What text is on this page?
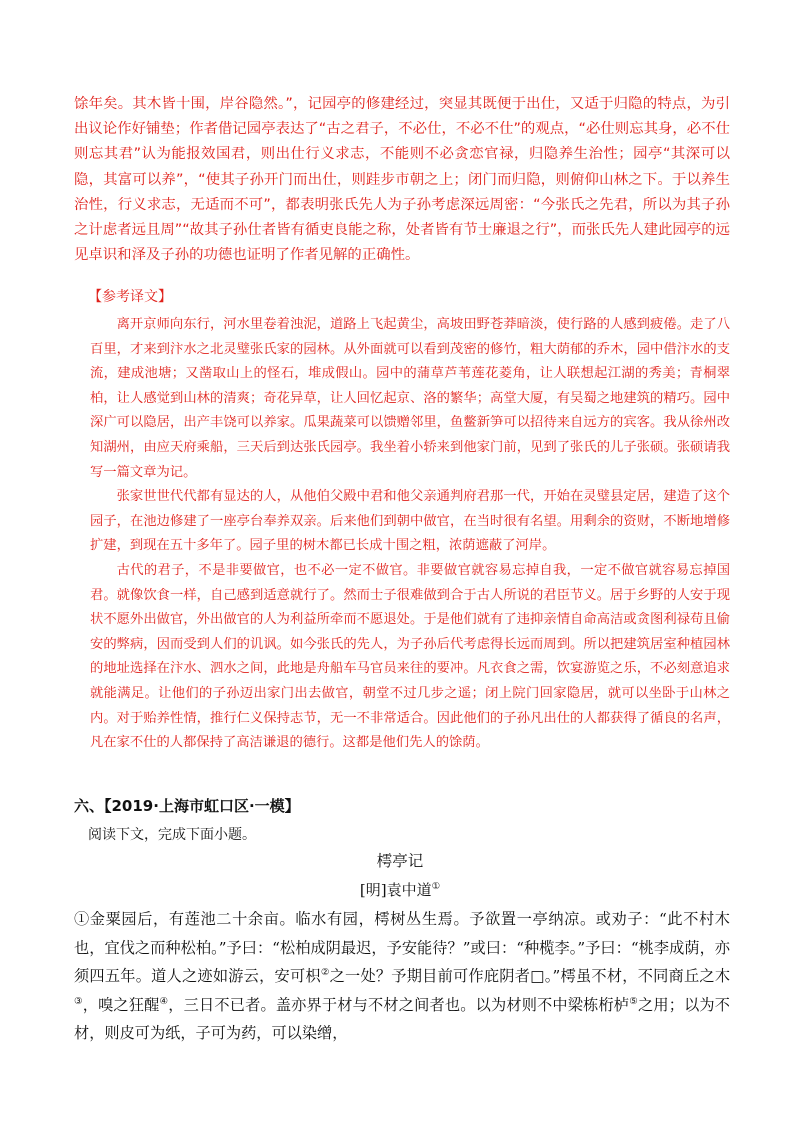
馀年矣。其木皆十围，岸谷隐然。”，记园亭的修建经过，突显其既便于出仕，又适于归隐的特点，为引出议论作好铺垫；作者借记园亭表达了“古之君子，不必仕，不必不仕”的观点，“必仕则忘其身，必不仕则忘其君”认为能报效国君，则出仕行义求志，不能则不必贪恋官禄，归隐养生治性；园亭“其深可以隐，其富可以养”，“使其子孙开门而出仕，则跬步市朝之上；闭门而归隐，则俯仰山林之下。于以养生治性，行义求志，无适而不可”，都表明张氏先人为子孙考虑深远周密：“今张氏之先君，所以为其子孙之计虑者远且周”“故其子孙仕者皆有循吏良能之称，处者皆有节士廉退之行”，而张氏先人建此园亭的远见卓识和泽及子孙的功德也证明了作者见解的正确性。

【参考译文】

离开京师向东行，河水里卷着浊泥，道路上飞起黄尘，高坡田野苍莽暗淡，使行路的人感到疲倦。走了八百里，才来到汴水之北灵璧张氏家的园林。从外面就可以看到茂密的修竹，粗大荫郁的乔木，园中借汴水的支流，建成池塘；又凿取山上的怪石，堆成假山。园中的蒲草芦苇莲花菱角，让人联想起江湖的秀美；青桐翠柏，让人感觉到山林的清爽；奇花异草，让人回忆起京、洛的繁华；高堂大厦，有吴蜀之地建筑的精巧。园中深广可以隐居，出产丰饶可以养家。瓜果蔬菜可以馈赠邻里，鱼鳖新笋可以招待来自远方的宾客。我从徐州改知湖州，由应天府乘船，三天后到达张氏园亭。我坐着小轿来到他家门前，见到了张氏的儿子张硕。张硕请我写一篇文章为记。

张家世世代代都有显达的人，从他伯父殿中君和他父亲通判府君那一代，开始在灵璧县定居，建造了这个园子，在池边修建了一座亭台奉养双亲。后来他们到朝中做官，在当时很有名望。用剩余的资财，不断地增修扩建，到现在五十多年了。园子里的树木都已长成十围之粗，浓荫遮蔽了河岸。

古代的君子，不是非要做官，也不必一定不做官。非要做官就容易忘掉自我，一定不做官就容易忘掉国君。就像饮食一样，自己感到适意就行了。然而士子很难做到合于古人所说的君臣节义。居于乡野的人安于现状不愿外出做官，外出做官的人为利益所牵而不愿退处。于是他们就有了违抑亲情自命高洁或贪图利禄苟且偷安的弊病，因而受到人们的讥讽。如今张氏的先人，为子孙后代考虑得长远而周到。所以把建筑居室种植园林的地址选择在汴水、泗水之间，此地是舟船车马官员来往的要冲。凡衣食之需，饮宴游览之乐，不必刻意追求就能满足。让他们的子孙迈出家门出去做官，朝堂不过几步之遥；闭上院门回家隐居，就可以坐卧于山林之内。对于贻养性情，推行仁义保持志节，无一不非常适合。因此他们的子孙凡出仕的人都获得了循良的名声，凡在家不仕的人都保持了高洁谦退的德行。这都是他们先人的馀荫。

六、【2019·上海市虹口区·一模】
阅读下文，完成下面小题。
樗亭记
[明]袁中道①

①金粟园后，有莲池二十余亩。临水有园，樗树丛生焉。予欲置一亭纳凉。或劝子：“此不村木也，宜伐之而种松柏。”予曰：“松柏成阴最迟，予安能待？”或曰：“种榄李。”予曰：“桃李成荫，亦须四五年。道人之迹如游云，安可枳②之一处？予期目前可作庇阴者□。”樗虽不材，不同商丘之木③，嗅之狂醒④，三日不已者。盖亦界于材与不材之间者也。以为材则不中梁栋桁栌⑤之用；以为不材，则皮可为纸，子可为药，可以染缯，
